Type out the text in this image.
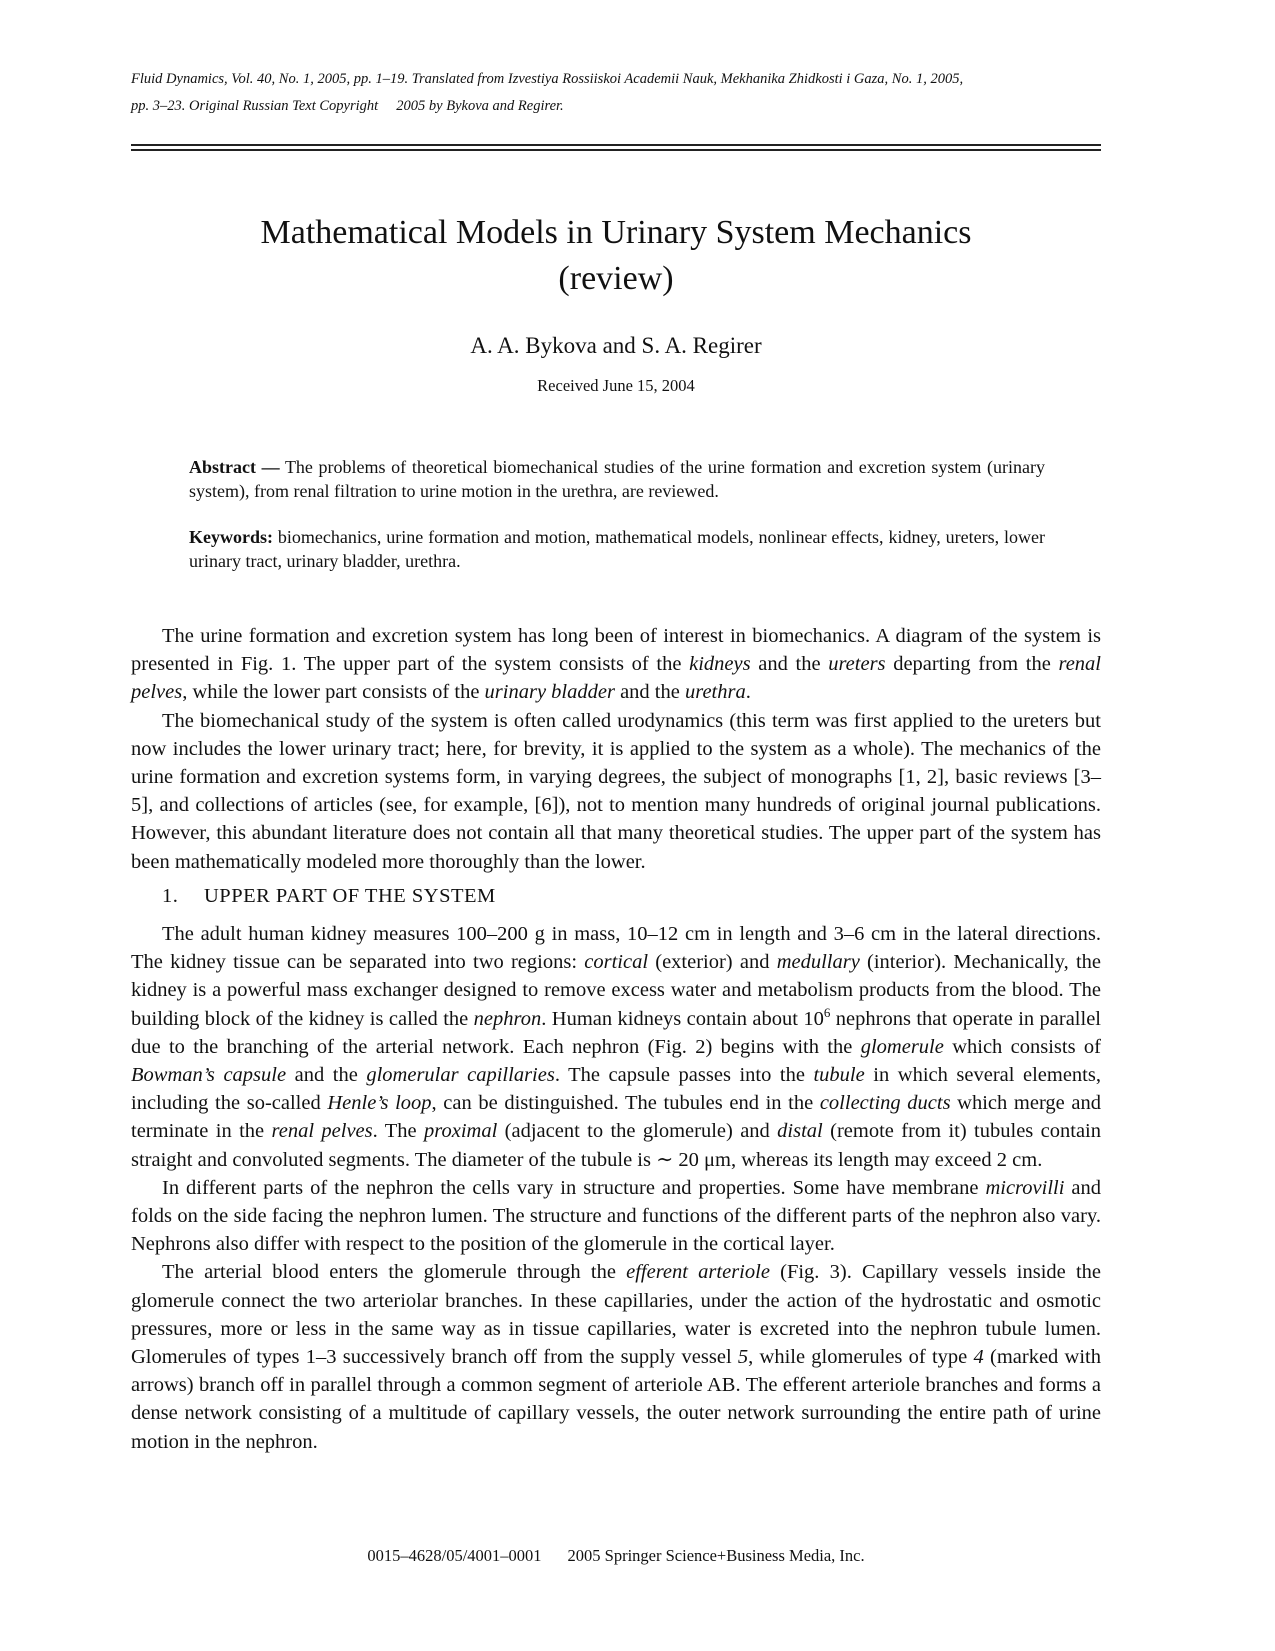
Fluid Dynamics, Vol. 40, No. 1, 2005, pp. 1–19. Translated from Izvestiya Rossiiskoi Academii Nauk, Mekhanika Zhidkosti i Gaza, No. 1, 2005,
pp. 3–23. Original Russian Text Copyright     2005 by Bykova and Regirer.
Mathematical Models in Urinary System Mechanics
(review)
A. A. Bykova and S. A. Regirer
Received June 15, 2004
Abstract — The problems of theoretical biomechanical studies of the urine formation and excretion system (urinary system), from renal filtration to urine motion in the urethra, are reviewed.
Keywords: biomechanics, urine formation and motion, mathematical models, nonlinear effects, kidney, ureters, lower urinary tract, urinary bladder, urethra.

The urine formation and excretion system has long been of interest in biomechanics. A diagram of the system is presented in Fig. 1. The upper part of the system consists of the kidneys and the ureters departing from the renal pelves, while the lower part consists of the urinary bladder and the urethra.

The biomechanical study of the system is often called urodynamics (this term was first applied to the ureters but now includes the lower urinary tract; here, for brevity, it is applied to the system as a whole). The mechanics of the urine formation and excretion systems form, in varying degrees, the subject of monographs [1, 2], basic reviews [3–5], and collections of articles (see, for example, [6]), not to mention many hundreds of original journal publications. However, this abundant literature does not contain all that many theoretical studies. The upper part of the system has been mathematically modeled more thoroughly than the lower.

1. UPPER PART OF THE SYSTEM

The adult human kidney measures 100–200 g in mass, 10–12 cm in length and 3–6 cm in the lateral directions. The kidney tissue can be separated into two regions: cortical (exterior) and medullary (interior). Mechanically, the kidney is a powerful mass exchanger designed to remove excess water and metabolism products from the blood. The building block of the kidney is called the nephron. Human kidneys contain about $10^6$ nephrons that operate in parallel due to the branching of the arterial network. Each nephron (Fig. 2) begins with the glomerule which consists of Bowman’s capsule and the glomerular capillaries. The capsule passes into the tubule in which several elements, including the so-called Henle’s loop, can be distinguished. The tubules end in the collecting ducts which merge and terminate in the renal pelves. The proximal (adjacent to the glomerule) and distal (remote from it) tubules contain straight and convoluted segments. The diameter of the tubule is ∼ 20 μm, whereas its length may exceed 2 cm.

In different parts of the nephron the cells vary in structure and properties. Some have membrane microvilli and folds on the side facing the nephron lumen. The structure and functions of the different parts of the nephron also vary. Nephrons also differ with respect to the position of the glomerule in the cortical layer.

The arterial blood enters the glomerule through the efferent arteriole (Fig. 3). Capillary vessels inside the glomerule connect the two arteriolar branches. In these capillaries, under the action of the hydrostatic and osmotic pressures, more or less in the same way as in tissue capillaries, water is excreted into the nephron tubule lumen. Glomerules of types 1–3 successively branch off from the supply vessel 5, while glomerules of type 4 (marked with arrows) branch off in parallel through a common segment of arteriole AB. The efferent arteriole branches and forms a dense network consisting of a multitude of capillary vessels, the outer network surrounding the entire path of urine motion in the nephron.

0015–4628/05/4001–0001 2005 Springer Science+Business Media, Inc.
